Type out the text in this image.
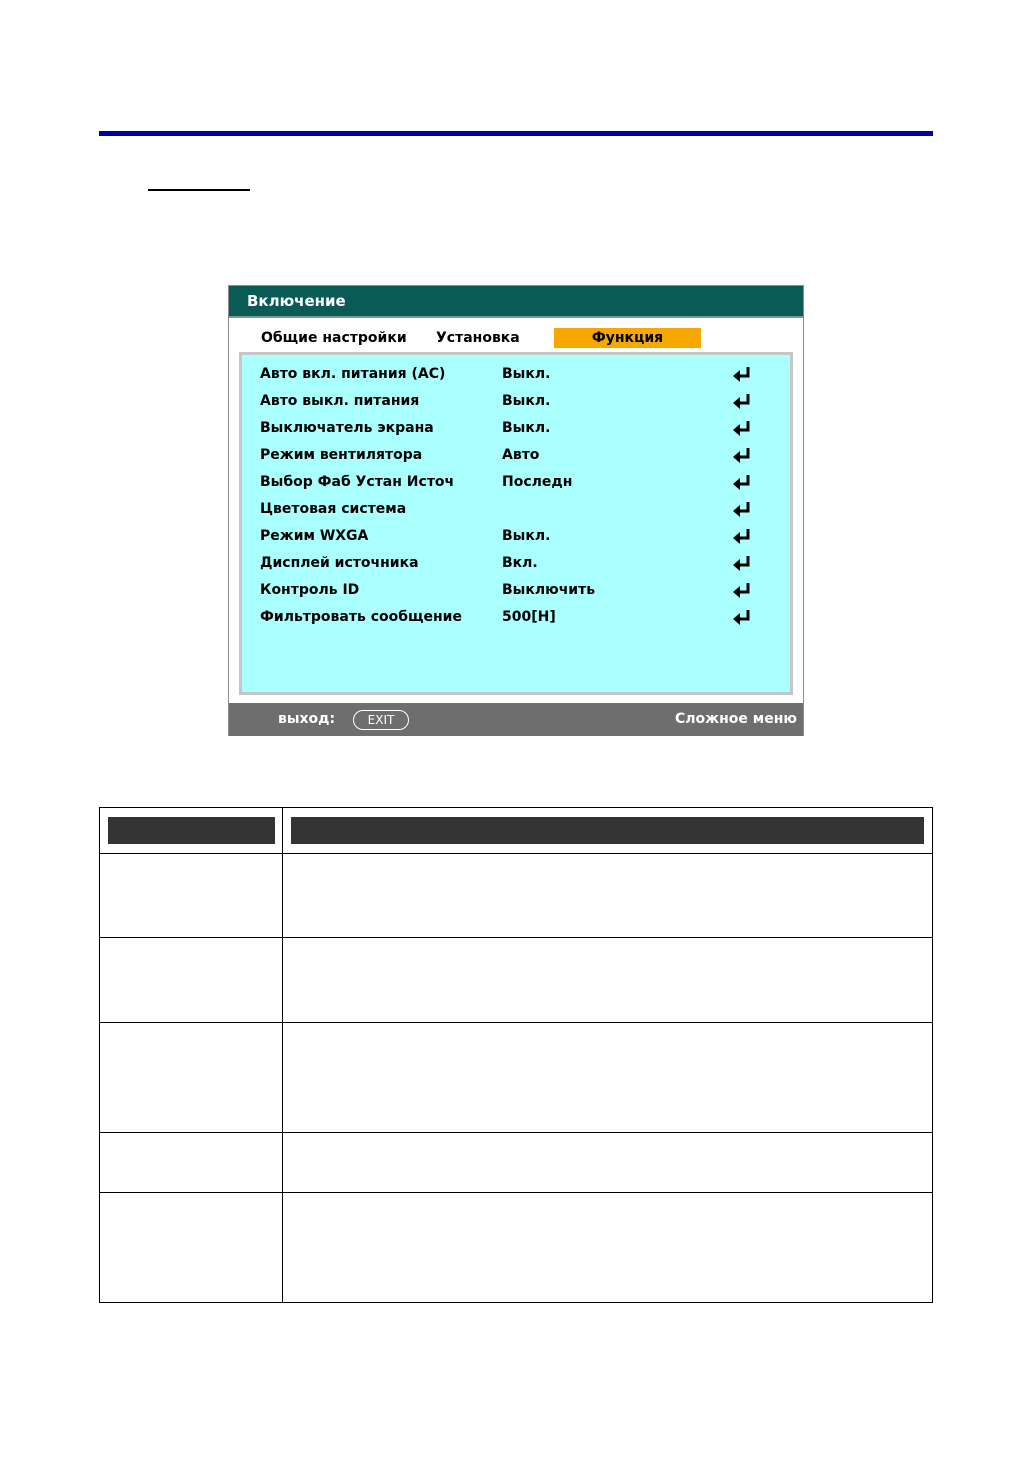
Включение
Общие настройки Установка	Функция
Авто вкл. питания (AC)	Выкл.
Авто выкл. питания	Выкл.
Выключатель экрана	Выкл.
Режим вентилятора	Авто
Выбор Фаб Устан Источ	Последн
Цветовая система
Режим WXGA	Выкл.
Дисплей источника	Вкл.
Контроль ID	Выключить
Фильтровать сообщение	500[H]
выход:	EXIT	Сложное меню
